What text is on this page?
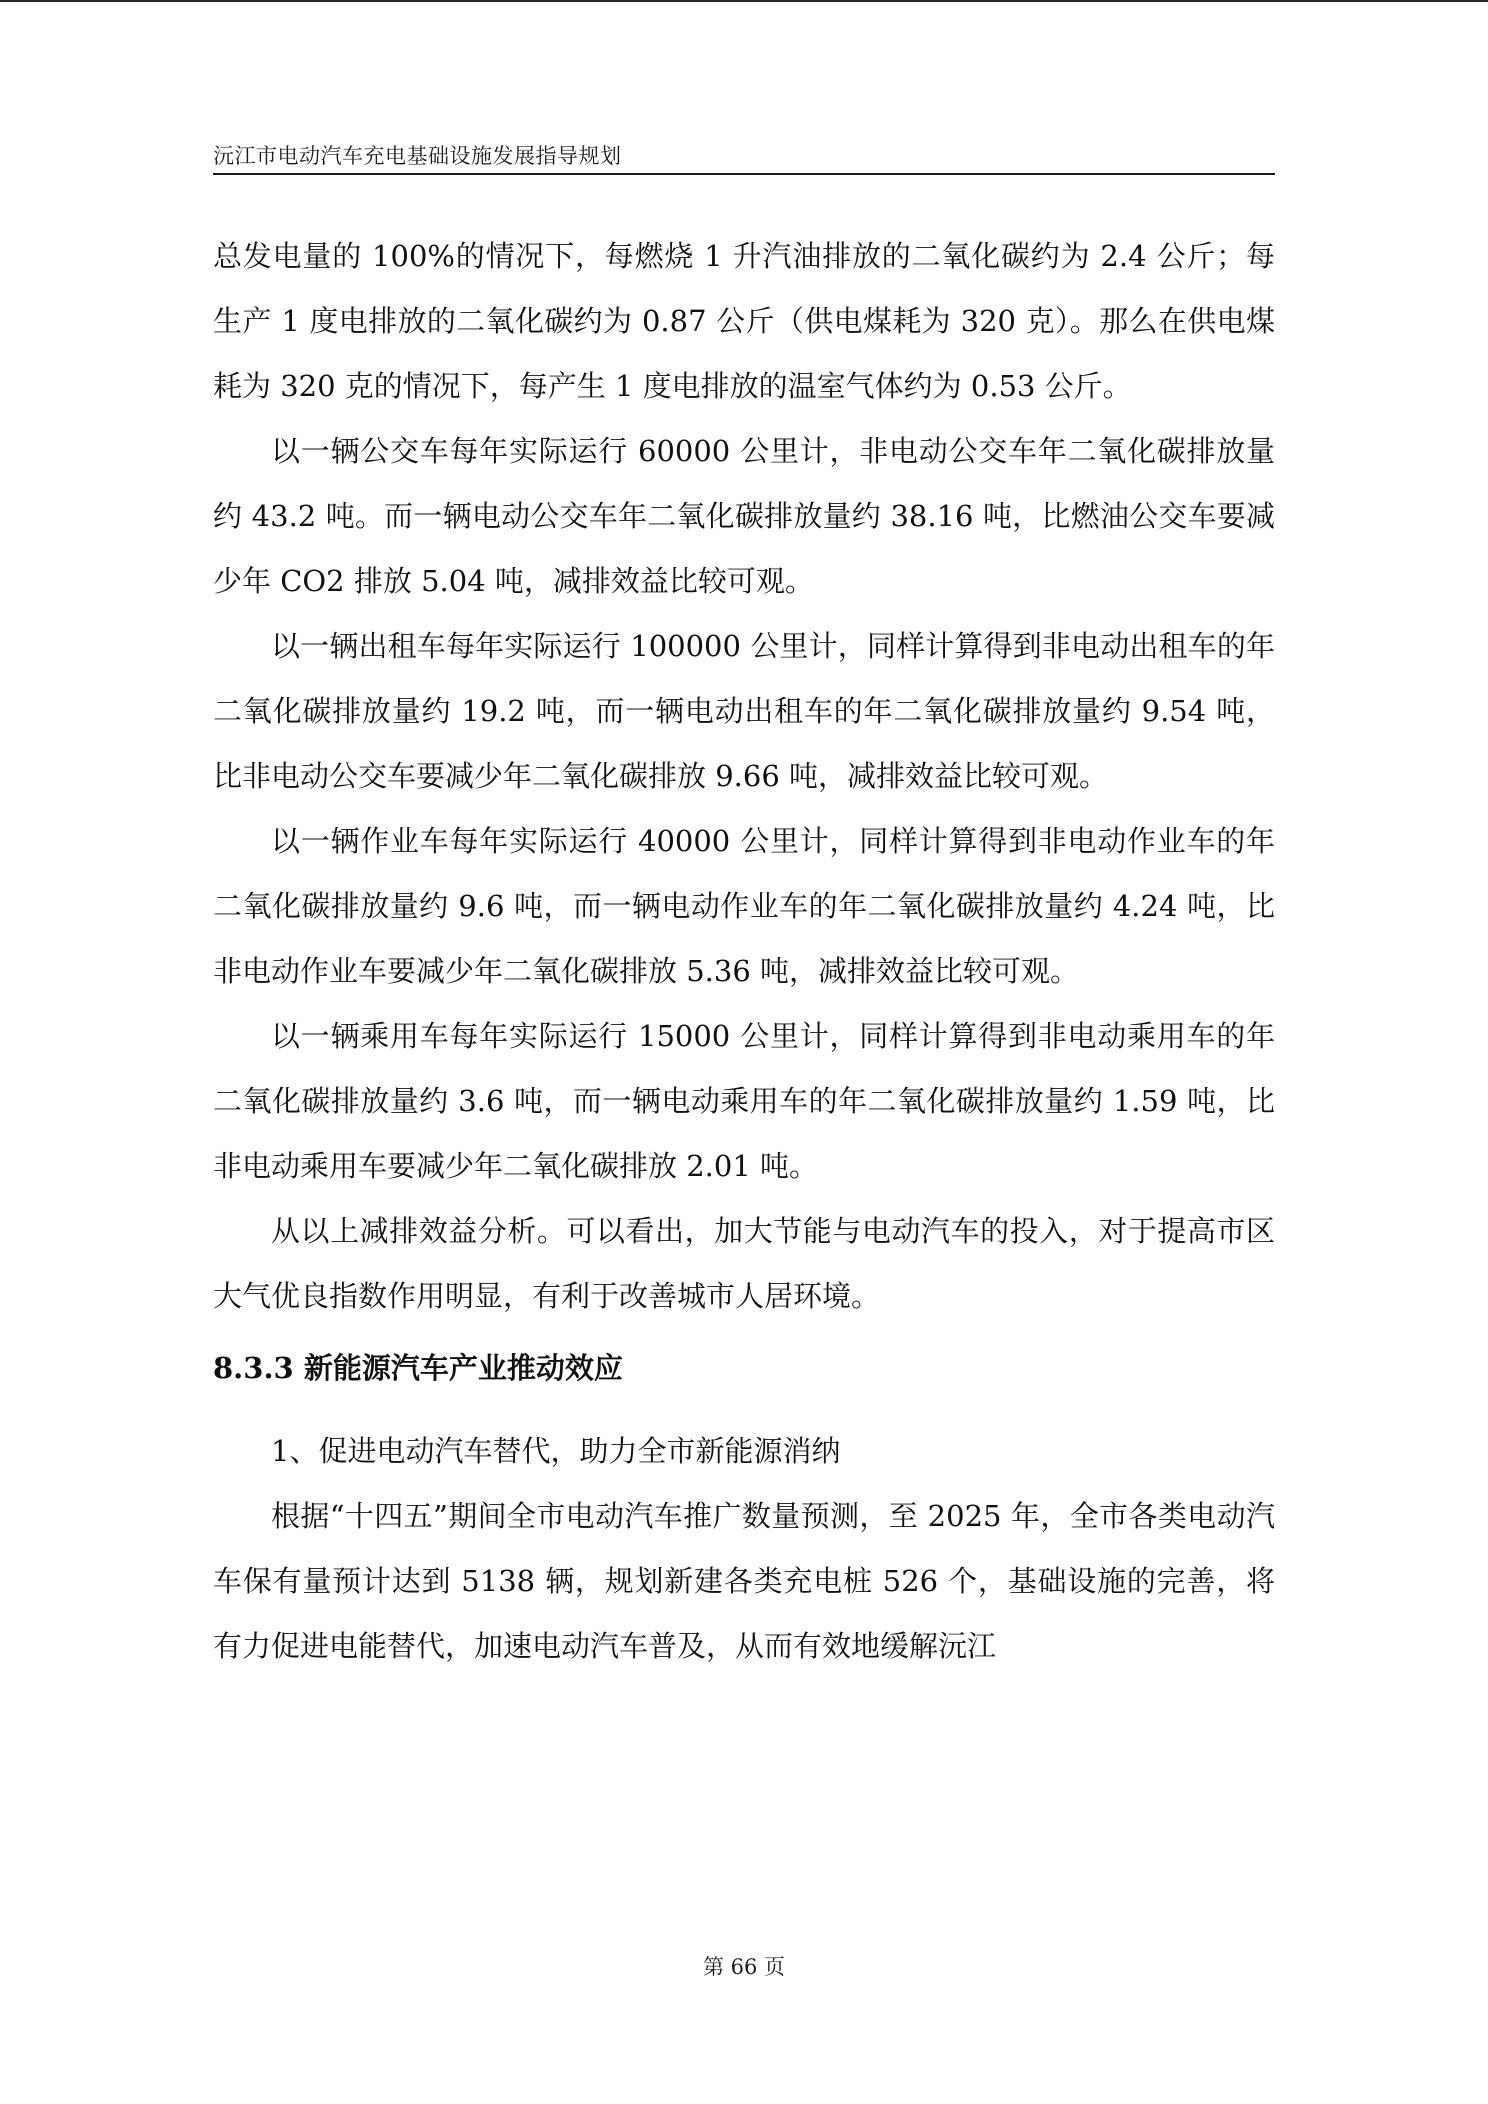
沅江市电动汽车充电基础设施发展指导规划

总发电量的 100%的情况下，每燃烧 1 升汽油排放的二氧化碳约为 2.4 公斤；每生产 1 度电排放的二氧化碳约为 0.87 公斤（供电煤耗为 320 克）。那么在供电煤耗为 320 克的情况下，每产生 1 度电排放的温室气体约为 0.53 公斤。

以一辆公交车每年实际运行 60000 公里计，非电动公交车年二氧化碳排放量约 43.2 吨。而一辆电动公交车年二氧化碳排放量约 38.16 吨，比燃油公交车要减少年 CO2 排放 5.04 吨，减排效益比较可观。

以一辆出租车每年实际运行 100000 公里计，同样计算得到非电动出租车的年二氧化碳排放量约 19.2 吨，而一辆电动出租车的年二氧化碳排放量约 9.54 吨，比非电动公交车要减少年二氧化碳排放 9.66 吨，减排效益比较可观。

以一辆作业车每年实际运行 40000 公里计，同样计算得到非电动作业车的年二氧化碳排放量约 9.6 吨，而一辆电动作业车的年二氧化碳排放量约 4.24 吨，比非电动作业车要减少年二氧化碳排放 5.36 吨，减排效益比较可观。

以一辆乘用车每年实际运行 15000 公里计，同样计算得到非电动乘用车的年二氧化碳排放量约 3.6 吨，而一辆电动乘用车的年二氧化碳排放量约 1.59 吨，比非电动乘用车要减少年二氧化碳排放 2.01 吨。

从以上减排效益分析。可以看出，加大节能与电动汽车的投入，对于提高市区大气优良指数作用明显，有利于改善城市人居环境。

8.3.3 新能源汽车产业推动效应

1、促进电动汽车替代，助力全市新能源消纳

根据“十四五”期间全市电动汽车推广数量预测，至 2025 年，全市各类电动汽车保有量预计达到 5138 辆，规划新建各类充电桩 526 个，基础设施的完善，将有力促进电能替代，加速电动汽车普及，从而有效地缓解沅江

第 66 页
